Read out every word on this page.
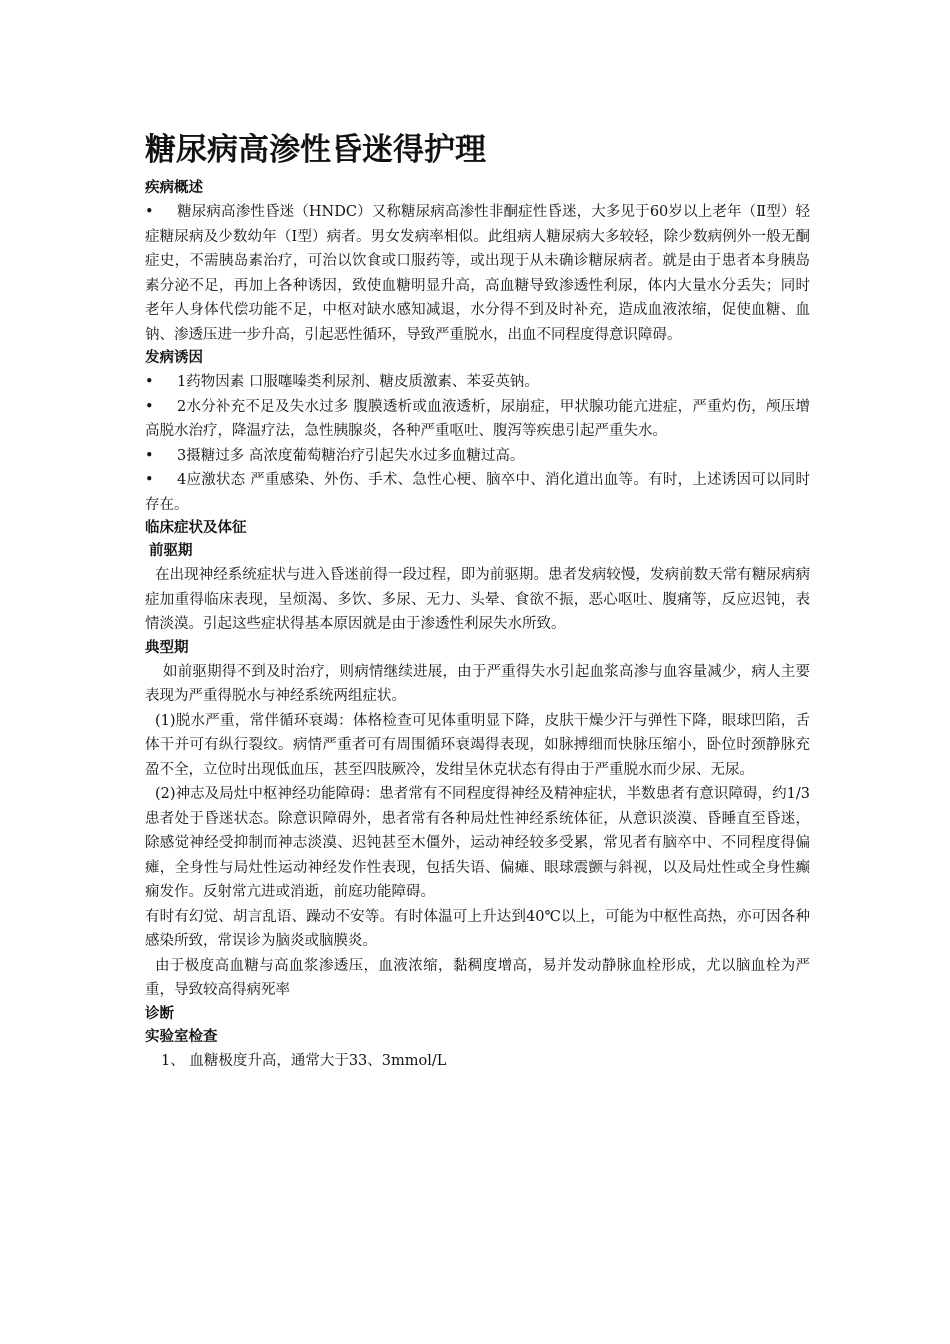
糖尿病高渗性昏迷得护理
疾病概述

• 糖尿病高渗性昏迷（HNDC）又称糖尿病高渗性非酮症性昏迷，大多见于60岁以上老年（Ⅱ型）轻症糖尿病及少数幼年（Ⅰ型）病者。男女发病率相似。此组病人糖尿病大多较轻，除少数病例外一般无酮症史，不需胰岛素治疗，可治以饮食或口服药等，或出现于从未确诊糖尿病者。就是由于患者本身胰岛素分泌不足，再加上各种诱因，致使血糖明显升高，高血糖导致渗透性利尿，体内大量水分丢失；同时老年人身体代偿功能不足，中枢对缺水感知减退，水分得不到及时补充，造成血液浓缩，促使血糖、血钠、渗透压进一步升高，引起恶性循环，导致严重脱水，出血不同程度得意识障碍。

发病诱因

• 1药物因素 口服噻嗪类利尿剂、糖皮质激素、苯妥英钠。

• 2水分补充不足及失水过多 腹膜透析或血液透析，尿崩症，甲状腺功能亢进症，严重灼伤，颅压增高脱水治疗，降温疗法，急性胰腺炎，各种严重呕吐、腹泻等疾患引起严重失水。

• 3摄糖过多 高浓度葡萄糖治疗引起失水过多血糖过高。

• 4应激状态 严重感染、外伤、手术、急性心梗、脑卒中、消化道出血等。有时，上述诱因可以同时存在。

临床症状及体征
前驱期

在出现神经系统症状与进入昏迷前得一段过程，即为前驱期。患者发病较慢，发病前数天常有糖尿病病症加重得临床表现，呈烦渴、多饮、多尿、无力、头晕、食欲不振，恶心呕吐、腹痛等，反应迟钝，表情淡漠。引起这些症状得基本原因就是由于渗透性利尿失水所致。

典型期

如前驱期得不到及时治疗，则病情继续进展，由于严重得失水引起血浆高渗与血容量减少，病人主要表现为严重得脱水与神经系统两组症状。

(1)脱水严重，常伴循环衰竭：体格检查可见体重明显下降，皮肤干燥少汗与弹性下降，眼球凹陷，舌体干并可有纵行裂纹。病情严重者可有周围循环衰竭得表现，如脉搏细而快脉压缩小，卧位时颈静脉充盈不全，立位时出现低血压，甚至四肢厥冷，发绀呈休克状态有得由于严重脱水而少尿、无尿。

(2)神志及局灶中枢神经功能障碍：患者常有不同程度得神经及精神症状，半数患者有意识障碍，约1/3患者处于昏迷状态。除意识障碍外，患者常有各种局灶性神经系统体征，从意识淡漠、昏睡直至昏迷，除感觉神经受抑制而神志淡漠、迟钝甚至木僵外，运动神经较多受累，常见者有脑卒中、不同程度得偏瘫，全身性与局灶性运动神经发作性表现，包括失语、偏瘫、眼球震颤与斜视，以及局灶性或全身性癫痫发作。反射常亢进或消逝，前庭功能障碍。

有时有幻觉、胡言乱语、躁动不安等。有时体温可上升达到40℃以上，可能为中枢性高热，亦可因各种感染所致，常误诊为脑炎或脑膜炎。

由于极度高血糖与高血浆渗透压，血液浓缩，黏稠度增高，易并发动静脉血栓形成，尤以脑血栓为严重，导致较高得病死率

诊断
实验室检查

1、 血糖极度升高，通常大于33、3mmol/L
